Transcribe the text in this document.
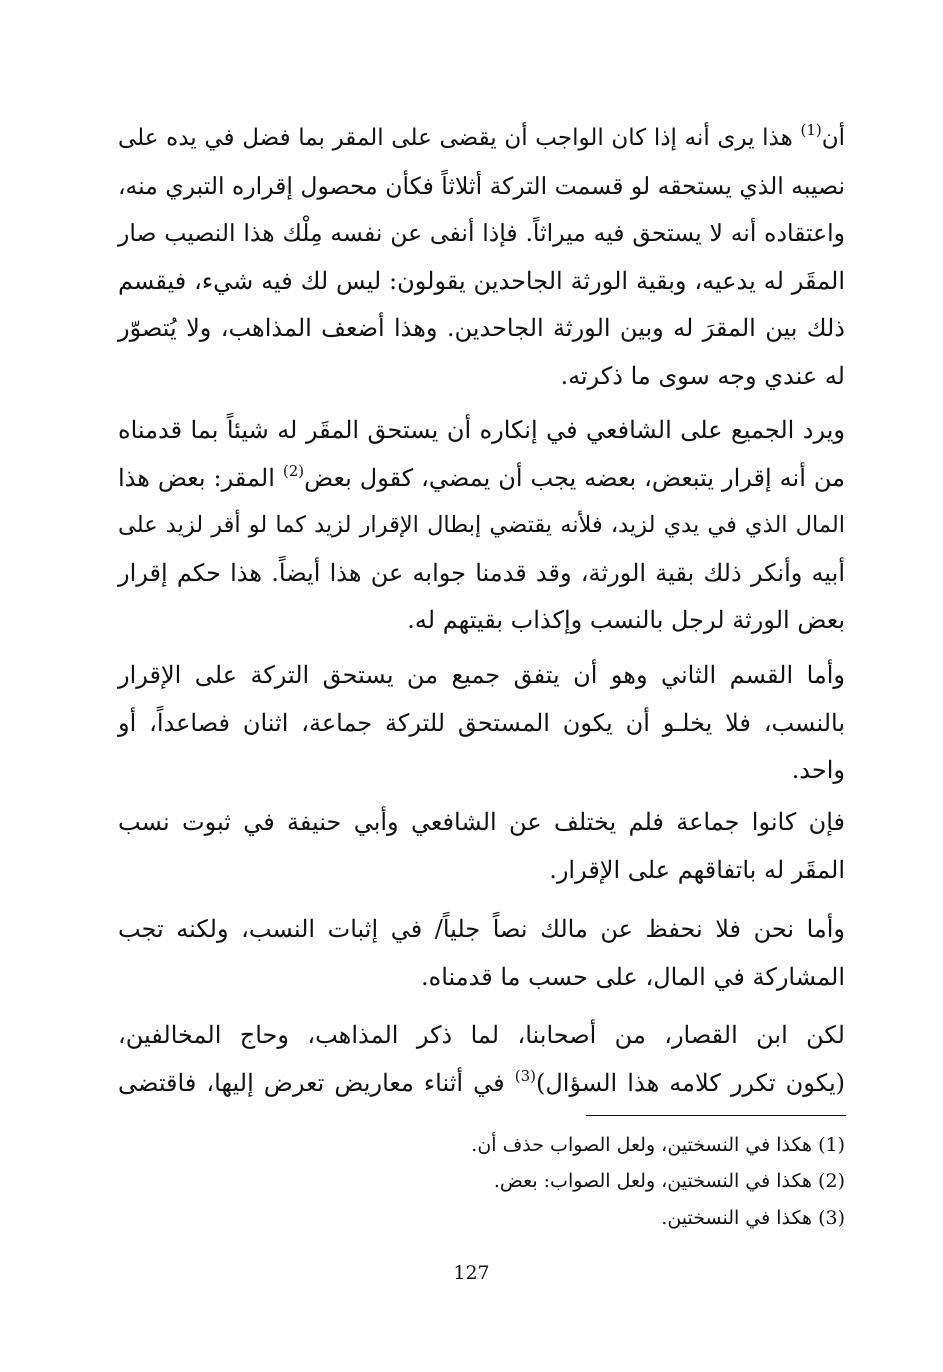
أن$^{(1)}$ هذا يرى أنه إذا كان الواجب أن يقضى على المقر بما فضل في يده على
نصيبه الذي يستحقه لو قسمت التركة أثلاثاً فكأن محصول إقراره التبري منه،
واعتقاده أنه لا يستحق فيه ميراثاً. فإذا أنفى عن نفسه مِلْك هذا النصيب صار
المقَر له يدعيه، وبقية الورثة الجاحدين يقولون: ليس لك فيه شيء، فيقسم
ذلك بين المقرَ له وبين الورثة الجاحدين. وهذا أضعف المذاهب، ولا يُتصوّر
له عندي وجه سوى ما ذكرته.

ويرد الجميع على الشافعي في إنكاره أن يستحق المقَر له شيئاً بما قدمناه
من أنه إقرار يتبعض، بعضه يجب أن يمضي، كقول بعض$^{(2)}$ المقر: بعض هذا
المال الذي في يدي لزيد، فلأنه يقتضي إبطال الإقرار لزيد كما لو أقر لزيد على
أبيه وأنكر ذلك بقية الورثة، وقد قدمنا جوابه عن هذا أيضاً. هذا حكم إقرار
بعض الورثة لرجل بالنسب وإكذاب بقيتهم له.

وأما القسم الثاني وهو أن يتفق جميع من يستحق التركة على الإقرار
بالنسب، فلا يخلـو أن يكون المستحق للتركة جماعة، اثنان فصاعداً، أو
واحد.

فإن كانوا جماعة فلم يختلف عن الشافعي وأبي حنيفة في ثبوت نسب
المقَر له باتفاقهم على الإقرار.

وأما نحن فلا نحفظ عن مالك نصاً جلياً/ في إثبات النسب، ولكنه تجب
المشاركة في المال، على حسب ما قدمناه.

لكن ابن القصار، من أصحابنا، لما ذكر المذاهب، وحاج المخالفين،
(يكون تكرر كلامه هذا السؤال)$^{(3)}$ في أثناء معاريض تعرض إليها، فاقتضى

(1) هكذا في النسختين، ولعل الصواب حذف أن.

(2) هكذا في النسختين، ولعل الصواب: بعض.

(3) هكذا في النسختين.

127
